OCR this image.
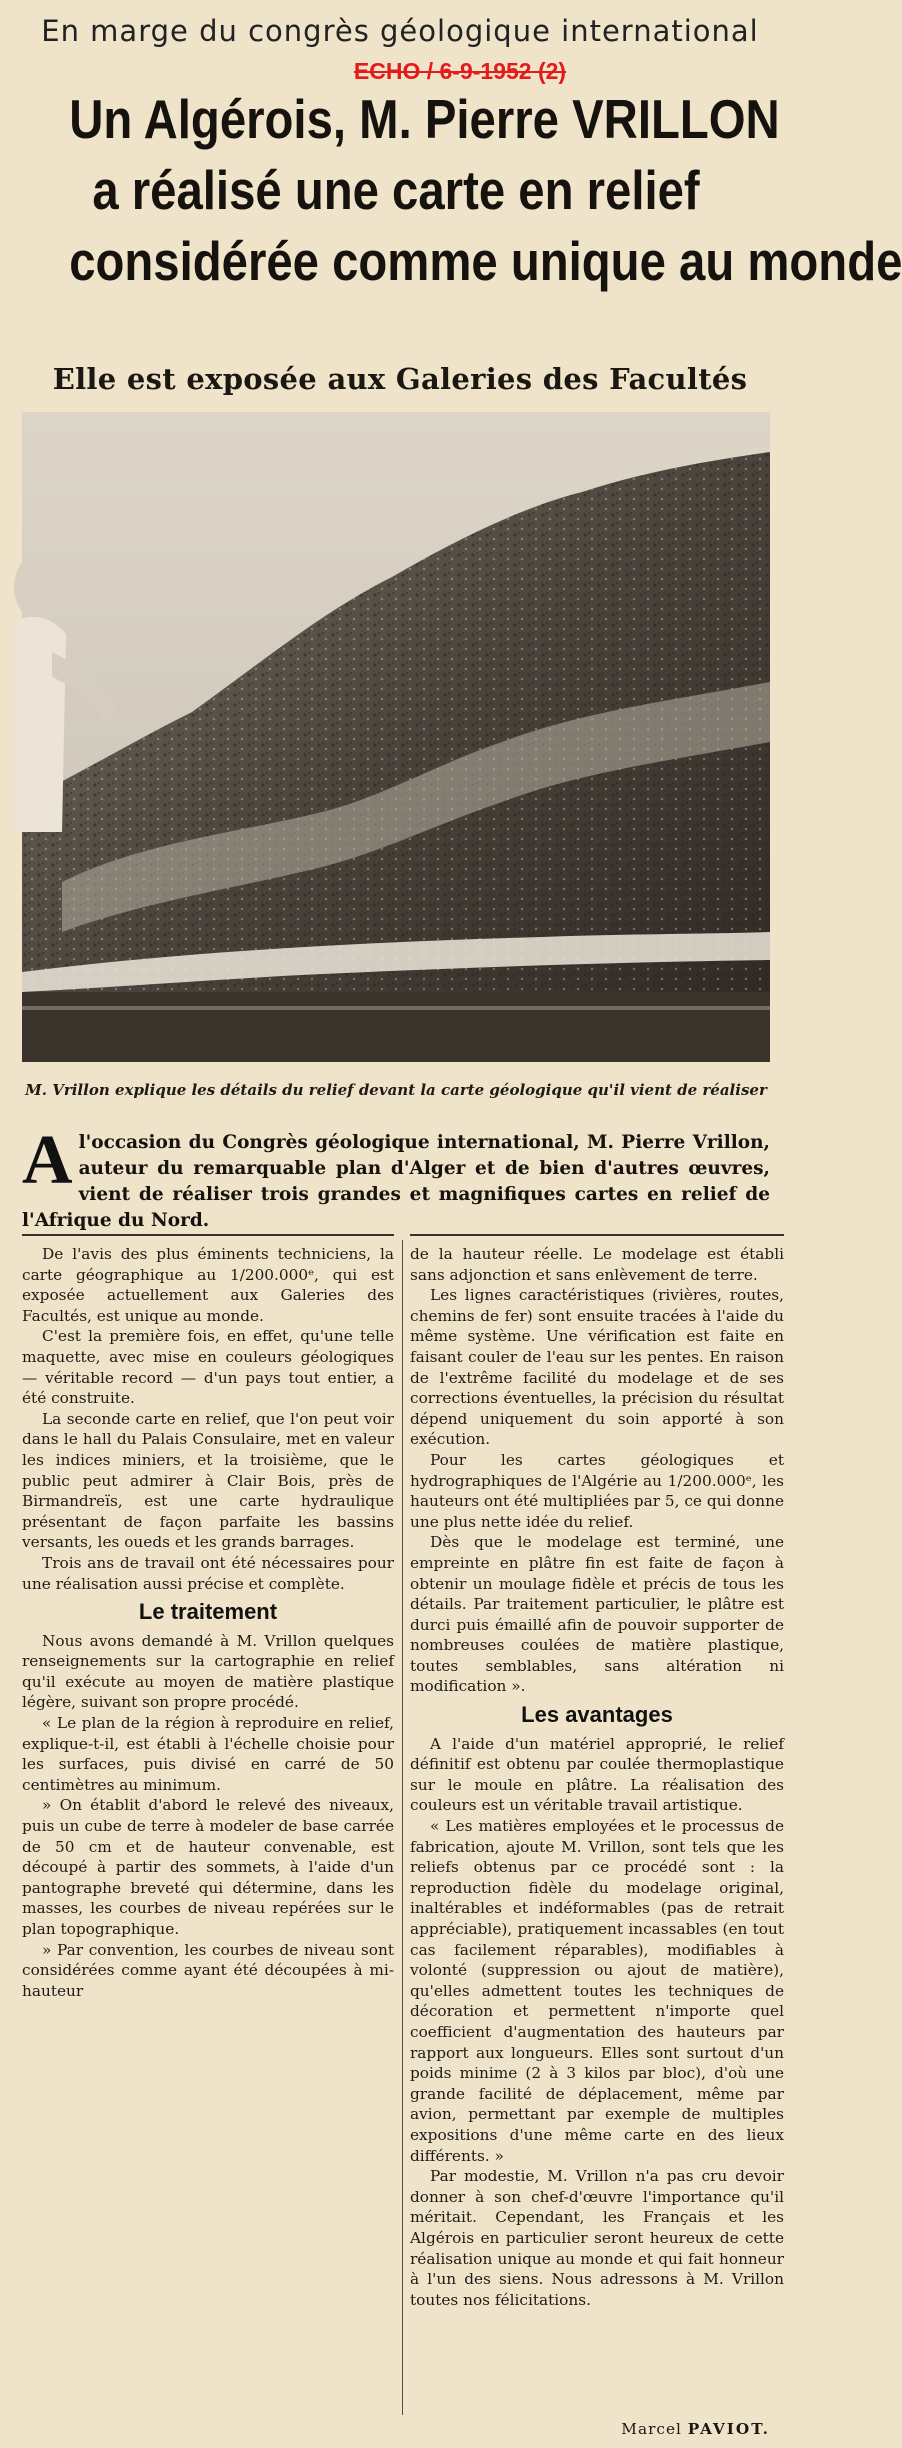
En marge du congrès géologique international
ECHO / 6-9-1952 (2)
Un Algérois, M. Pierre VRILLON
a réalisé une carte en relief
considérée comme unique au monde
Elle est exposée aux Galeries des Facultés
M. Vrillon explique les détails du relief devant la carte géologique qu'il vient de réaliser
A l'occasion du Congrès géologique international, M. Pierre Vrillon, auteur du remarquable plan d'Alger et de bien d'autres œuvres, vient de réaliser trois grandes et magnifiques cartes en relief de l'Afrique du Nord.

De l'avis des plus éminents techniciens, la carte géographique au 1/200.000ᵉ, qui est exposée actuellement aux Galeries des Facultés, est unique au monde.

C'est la première fois, en effet, qu'une telle maquette, avec mise en couleurs géologiques — véritable record — d'un pays tout entier, a été construite.

La seconde carte en relief, que l'on peut voir dans le hall du Palais Consulaire, met en valeur les indices miniers, et la troisième, que le public peut admirer à Clair Bois, près de Birmandreïs, est une carte hydraulique présentant de façon parfaite les bassins versants, les oueds et les grands barrages.

Trois ans de travail ont été nécessaires pour une réalisation aussi précise et complète.

Le traitement

Nous avons demandé à M. Vrillon quelques renseignements sur la cartographie en relief qu'il exécute au moyen de matière plastique légère, suivant son propre procédé.

« Le plan de la région à reproduire en relief, explique-t-il, est établi à l'échelle choisie pour les surfaces, puis divisé en carré de 50 centimètres au minimum.

» On établit d'abord le relevé des niveaux, puis un cube de terre à modeler de base carrée de 50 cm et de hauteur convenable, est découpé à partir des sommets, à l'aide d'un pantographe breveté qui détermine, dans les masses, les courbes de niveau repérées sur le plan topographique.

» Par convention, les courbes de niveau sont considérées comme ayant été découpées à mi-hauteur

de la hauteur réelle. Le modelage est établi sans adjonction et sans enlèvement de terre.

Les lignes caractéristiques (rivières, routes, chemins de fer) sont ensuite tracées à l'aide du même système. Une vérification est faite en faisant couler de l'eau sur les pentes. En raison de l'extrême facilité du modelage et de ses corrections éventuelles, la précision du résultat dépend uniquement du soin apporté à son exécution.

Pour les cartes géologiques et hydrographiques de l'Algérie au 1/200.000ᵉ, les hauteurs ont été multipliées par 5, ce qui donne une plus nette idée du relief.

Dès que le modelage est terminé, une empreinte en plâtre fin est faite de façon à obtenir un moulage fidèle et précis de tous les détails. Par traitement particulier, le plâtre est durci puis émaillé afin de pouvoir supporter de nombreuses coulées de matière plastique, toutes semblables, sans altération ni modification ».

Les avantages

A l'aide d'un matériel approprié, le relief définitif est obtenu par coulée thermoplastique sur le moule en plâtre. La réalisation des couleurs est un véritable travail artistique.

« Les matières employées et le processus de fabrication, ajoute M. Vrillon, sont tels que les reliefs obtenus par ce procédé sont : la reproduction fidèle du modelage original, inaltérables et indéformables (pas de retrait appréciable), pratiquement incassables (en tout cas facilement réparables), modifiables à volonté (suppression ou ajout de matière), qu'elles admettent toutes les techniques de décoration et permettent n'importe quel coefficient d'augmentation des hauteurs par rapport aux longueurs. Elles sont surtout d'un poids minime (2 à 3 kilos par bloc), d'où une grande facilité de déplacement, même par avion, permettant par exemple de multiples expositions d'une même carte en des lieux différents. »

Par modestie, M. Vrillon n'a pas cru devoir donner à son chef-d'œuvre l'importance qu'il méritait. Cependant, les Français et les Algérois en particulier seront heureux de cette réalisation unique au monde et qui fait honneur à l'un des siens. Nous adressons à M. Vrillon toutes nos félicitations.

Marcel PAVIOT.
